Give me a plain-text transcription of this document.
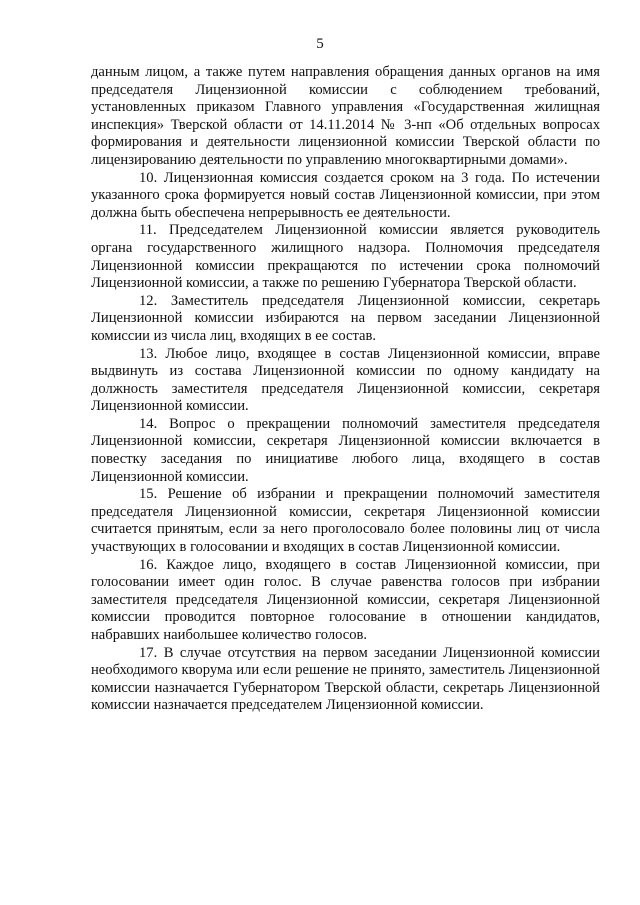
5

данным лицом, а также путем направления обращения данных органов на имя председателя Лицензионной комиссии с соблюдением требований, установленных приказом Главного управления «Государственная жилищная инспекция» Тверской области от 14.11.2014 № 3-нп «Об отдельных вопросах формирования и деятельности лицензионной комиссии Тверской области по лицензированию деятельности по управлению многоквартирными домами».

10. Лицензионная комиссия создается сроком на 3 года. По истечении указанного срока формируется новый состав Лицензионной комиссии, при этом должна быть обеспечена непрерывность ее деятельности.

11. Председателем Лицензионной комиссии является руководитель органа государственного жилищного надзора. Полномочия председателя Лицензионной комиссии прекращаются по истечении срока полномочий Лицензионной комиссии, а также по решению Губернатора Тверской области.

12. Заместитель председателя Лицензионной комиссии, секретарь Лицензионной комиссии избираются на первом заседании Лицензионной комиссии из числа лиц, входящих в ее состав.

13. Любое лицо, входящее в состав Лицензионной комиссии, вправе выдвинуть из состава Лицензионной комиссии по одному кандидату на должность заместителя председателя Лицензионной комиссии, секретаря Лицензионной комиссии.

14. Вопрос о прекращении полномочий заместителя председателя Лицензионной комиссии, секретаря Лицензионной комиссии включается в повестку заседания по инициативе любого лица, входящего в состав Лицензионной комиссии.

15. Решение об избрании и прекращении полномочий заместителя председателя Лицензионной комиссии, секретаря Лицензионной комиссии считается принятым, если за него проголосовало более половины лиц от числа участвующих в голосовании и входящих в состав Лицензионной комиссии.

16. Каждое лицо, входящего в состав Лицензионной комиссии, при голосовании имеет один голос. В случае равенства голосов при избрании заместителя председателя Лицензионной комиссии, секретаря Лицензионной комиссии проводится повторное голосование в отношении кандидатов, набравших наибольшее количество голосов.

17. В случае отсутствия на первом заседании Лицензионной комиссии необходимого кворума или если решение не принято, заместитель Лицензионной комиссии назначается Губернатором Тверской области, секретарь Лицензионной комиссии назначается председателем Лицензионной комиссии.
